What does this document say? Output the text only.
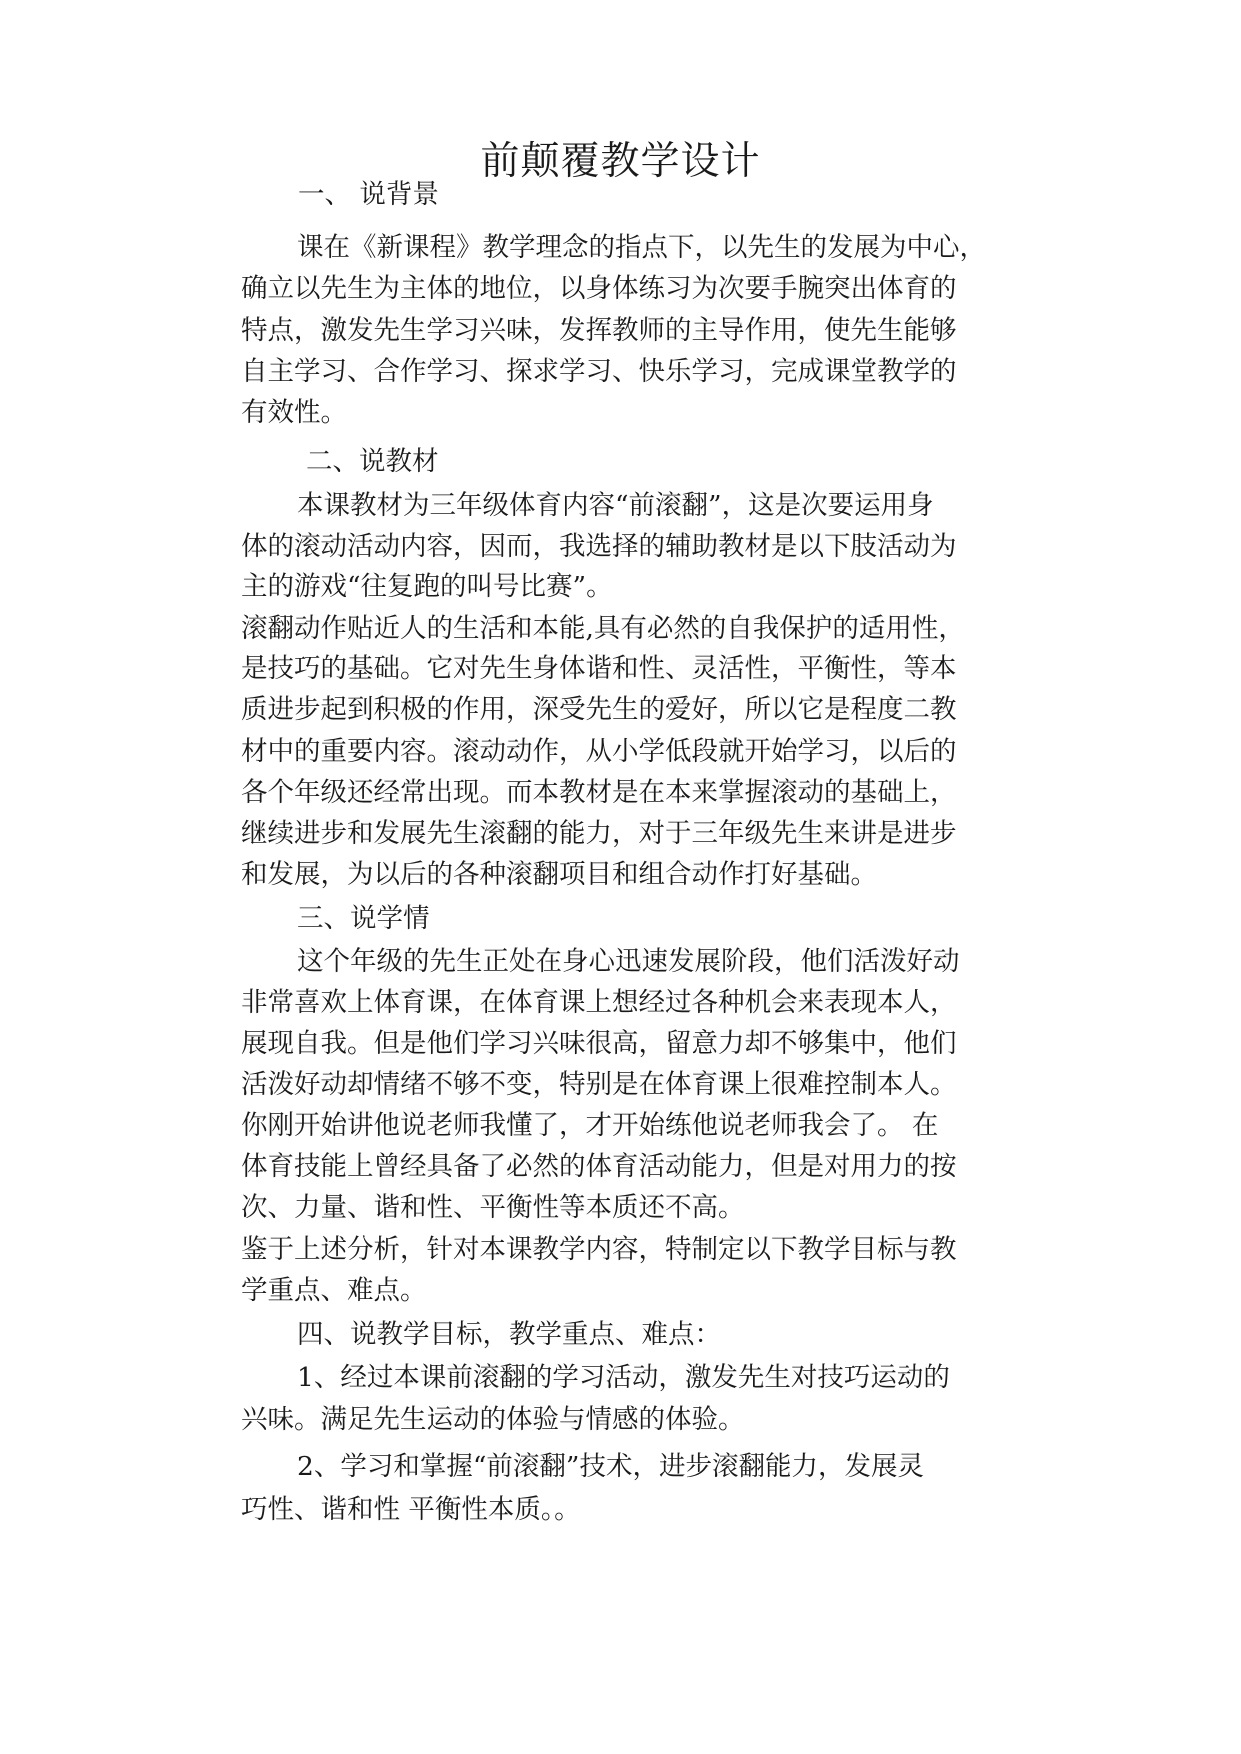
前颠覆教学设计
一、 说背景
课在《新课程》教学理念的指点下，以先生的发展为中心，
确立以先生为主体的地位，以身体练习为次要手腕突出体育的
特点，激发先生学习兴味，发挥教师的主导作用，使先生能够
自主学习、合作学习、探求学习、快乐学习，完成课堂教学的
有效性。
二、说教材
本课教材为三年级体育内容“前滚翻”，这是次要运用身
体的滚动活动内容，因而，我选择的辅助教材是以下肢活动为
主的游戏“往复跑的叫号比赛”。
滚翻动作贴近人的生活和本能,具有必然的自我保护的适用性，
是技巧的基础。它对先生身体谐和性、灵活性，平衡性，等本
质进步起到积极的作用，深受先生的爱好，所以它是程度二教
材中的重要内容。滚动动作，从小学低段就开始学习，以后的
各个年级还经常出现。而本教材是在本来掌握滚动的基础上，
继续进步和发展先生滚翻的能力，对于三年级先生来讲是进步
和发展，为以后的各种滚翻项目和组合动作打好基础。
三、说学情
这个年级的先生正处在身心迅速发展阶段，他们活泼好动
非常喜欢上体育课，在体育课上想经过各种机会来表现本人，
展现自我。但是他们学习兴味很高，留意力却不够集中，他们
活泼好动却情绪不够不变，特别是在体育课上很难控制本人。
你刚开始讲他说老师我懂了，才开始练他说老师我会了。 在
体育技能上曾经具备了必然的体育活动能力，但是对用力的按
次、力量、谐和性、平衡性等本质还不高。
鉴于上述分析，针对本课教学内容，特制定以下教学目标与教
学重点、难点。
四、说教学目标，教学重点、难点：
1、经过本课前滚翻的学习活动，激发先生对技巧运动的
兴味。满足先生运动的体验与情感的体验。
2、学习和掌握“前滚翻”技术，进步滚翻能力，发展灵
巧性、谐和性 平衡性本质。。
